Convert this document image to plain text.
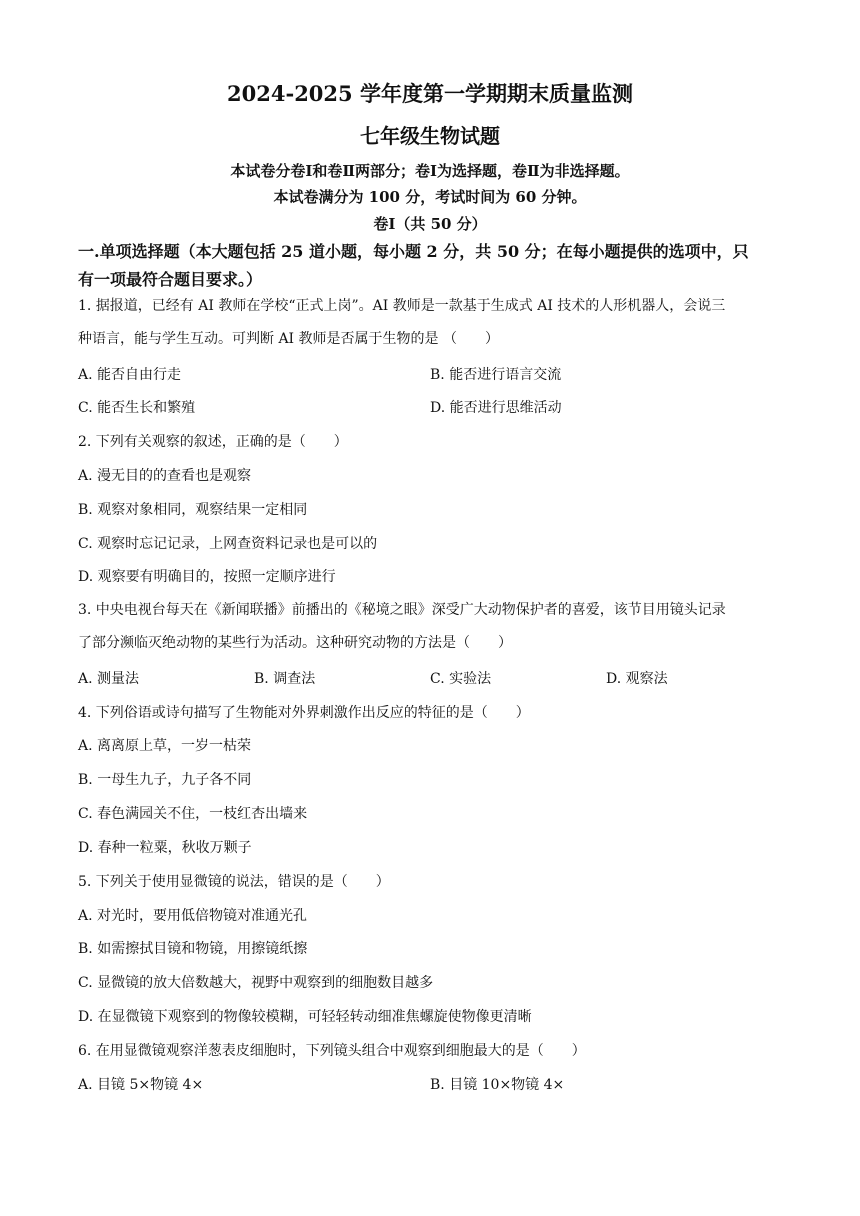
2024-2025 学年度第一学期期末质量监测
七年级生物试题
本试卷分卷Ⅰ和卷Ⅱ两部分；卷Ⅰ为选择题，卷Ⅱ为非选择题。
本试卷满分为 100 分，考试时间为 60 分钟。
卷Ⅰ（共 50 分）
一.单项选择题（本大题包括 25 道小题，每小题 2 分，共 50 分；在每小题提供的选项中，只
有一项最符合题目要求。）
1. 据报道，已经有 AI 教师在学校“正式上岗”。AI 教师是一款基于生成式 AI 技术的人形机器人，会说三
种语言，能与学生互动。可判断 AI 教师是否属于生物的是 （　　）
A. 能否自由行走	B. 能否进行语言交流
C. 能否生长和繁殖	D. 能否进行思维活动
2. 下列有关观察的叙述，正确的是（　　）
A. 漫无目的的查看也是观察
B. 观察对象相同，观察结果一定相同
C. 观察时忘记记录，上网查资料记录也是可以的
D. 观察要有明确目的，按照一定顺序进行
3. 中央电视台每天在《新闻联播》前播出的《秘境之眼》深受广大动物保护者的喜爱，该节目用镜头记录
了部分濒临灭绝动物的某些行为活动。这种研究动物的方法是（　　）
A. 测量法	B. 调查法	C. 实验法	D. 观察法
4. 下列俗语或诗句描写了生物能对外界刺激作出反应的特征的是（　　）
A. 离离原上草，一岁一枯荣
B. 一母生九子，九子各不同
C. 春色满园关不住，一枝红杏出墙来
D. 春种一粒粟，秋收万颗子
5. 下列关于使用显微镜的说法，错误的是（　　）
A. 对光时，要用低倍物镜对准通光孔
B. 如需擦拭目镜和物镜，用擦镜纸擦
C. 显微镜的放大倍数越大，视野中观察到的细胞数目越多
D. 在显微镜下观察到的物像较模糊，可轻轻转动细准焦螺旋使物像更清晰
6. 在用显微镜观察洋葱表皮细胞时，下列镜头组合中观察到细胞最大的是（　　）
A. 目镜 5×物镜 4×	B. 目镜 10×物镜 4×
